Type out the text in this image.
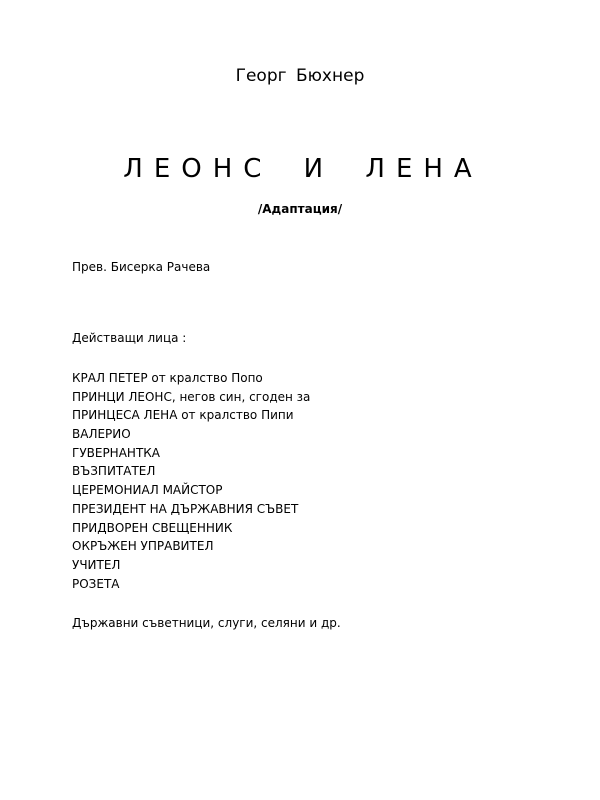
Георг Бюхнер
ЛЕОНС И ЛЕНА
/Адаптация/
Прев. Бисерка Рачева
Действащи лица :
КРАЛ ПЕТЕР от кралство Попо
ПРИНЦИ ЛЕОНС, негов син, сгоден за
ПРИНЦЕСА ЛЕНА от кралство Пипи
ВАЛЕРИО
ГУВЕРНАНТКА
ВЪЗПИТАТЕЛ
ЦЕРЕМОНИАЛ МАЙСТОР
ПРЕЗИДЕНТ НА ДЪРЖАВНИЯ СЪВЕТ
ПРИДВОРЕН СВЕЩЕННИК
ОКРЪЖЕН УПРАВИТЕЛ
УЧИТЕЛ
РОЗЕТА
Държавни съветници, слуги, селяни и др.
